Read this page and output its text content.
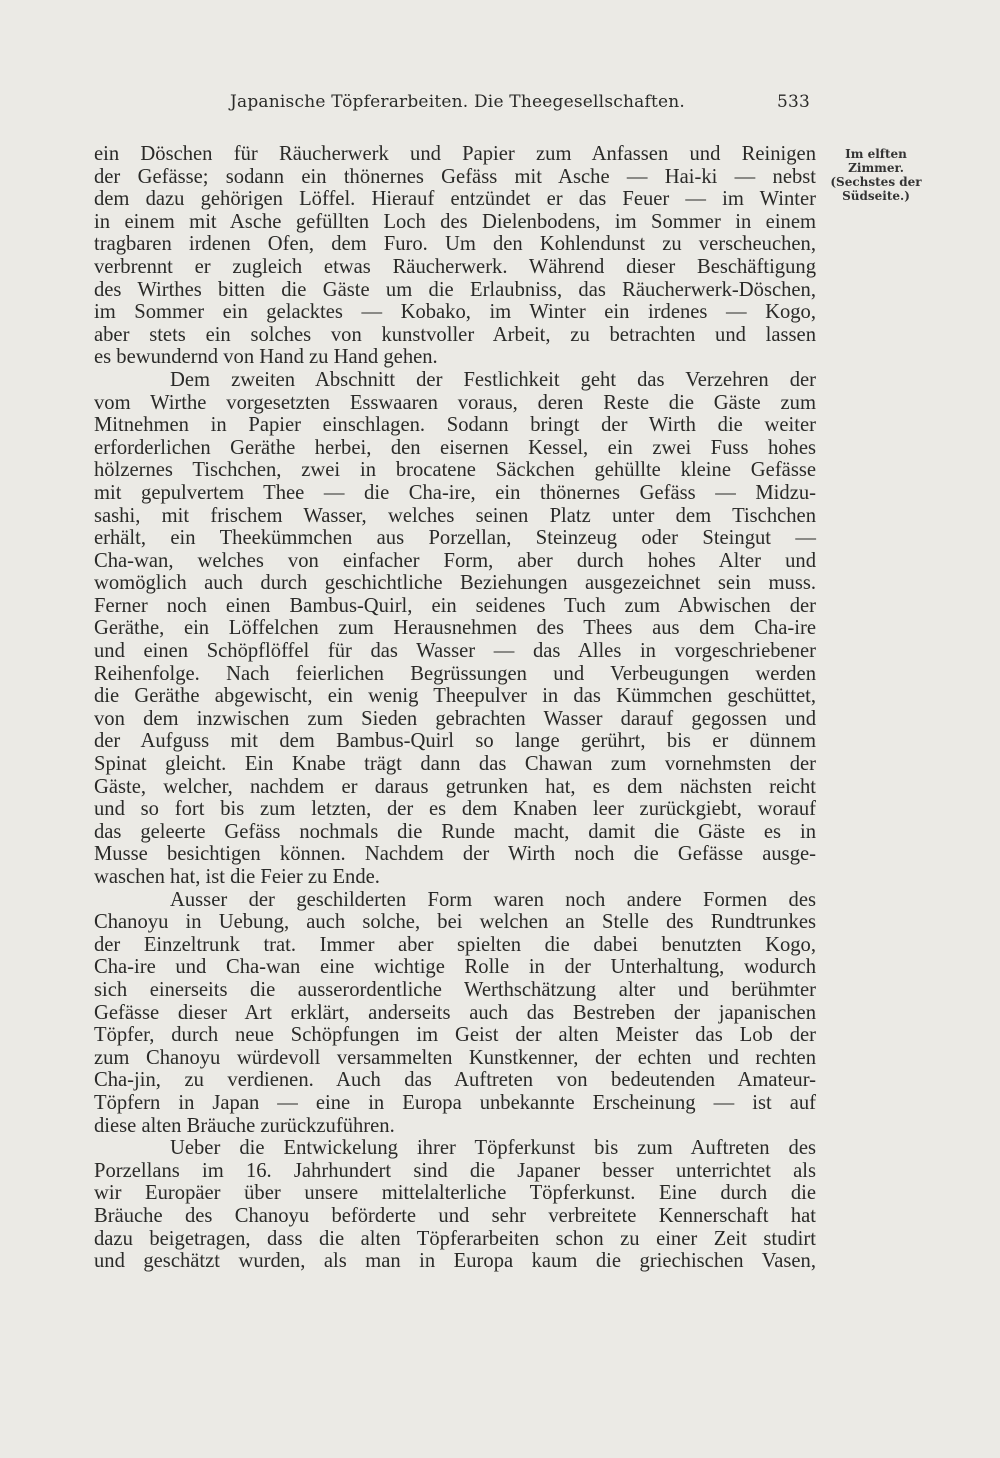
Japanische Töpferarbeiten. Die Theegesellschaften.	533
Im elften
Zimmer.
(Sechstes der
Südseite.)
ein Döschen für Räucherwerk und Papier zum Anfassen und Reinigen
der Gefässe; sodann ein thönernes Gefäss mit Asche — Hai-ki — nebst
dem dazu gehörigen Löffel. Hierauf entzündet er das Feuer — im Winter
in einem mit Asche gefüllten Loch des Dielenbodens, im Sommer in einem
tragbaren irdenen Ofen, dem Furo. Um den Kohlendunst zu verscheuchen,
verbrennt er zugleich etwas Räucherwerk. Während dieser Beschäftigung
des Wirthes bitten die Gäste um die Erlaubniss, das Räucherwerk-Döschen,
im Sommer ein gelacktes — Kobako, im Winter ein irdenes — Kogo,
aber stets ein solches von kunstvoller Arbeit, zu betrachten und lassen
es bewundernd von Hand zu Hand gehen.
Dem zweiten Abschnitt der Festlichkeit geht das Verzehren der
vom Wirthe vorgesetzten Esswaaren voraus, deren Reste die Gäste zum
Mitnehmen in Papier einschlagen. Sodann bringt der Wirth die weiter
erforderlichen Geräthe herbei, den eisernen Kessel, ein zwei Fuss hohes
hölzernes Tischchen, zwei in brocatene Säckchen gehüllte kleine Gefässe
mit gepulvertem Thee — die Cha-ire, ein thönernes Gefäss — Midzu-
sashi, mit frischem Wasser, welches seinen Platz unter dem Tischchen
erhält, ein Theekümmchen aus Porzellan, Steinzeug oder Steingut —
Cha-wan, welches von einfacher Form, aber durch hohes Alter und
womöglich auch durch geschichtliche Beziehungen ausgezeichnet sein muss.
Ferner noch einen Bambus-Quirl, ein seidenes Tuch zum Abwischen der
Geräthe, ein Löffelchen zum Herausnehmen des Thees aus dem Cha-ire
und einen Schöpflöffel für das Wasser — das Alles in vorgeschriebener
Reihenfolge. Nach feierlichen Begrüssungen und Verbeugungen werden
die Geräthe abgewischt, ein wenig Theepulver in das Kümmchen geschüttet,
von dem inzwischen zum Sieden gebrachten Wasser darauf gegossen und
der Aufguss mit dem Bambus-Quirl so lange gerührt, bis er dünnem
Spinat gleicht. Ein Knabe trägt dann das Chawan zum vornehmsten der
Gäste, welcher, nachdem er daraus getrunken hat, es dem nächsten reicht
und so fort bis zum letzten, der es dem Knaben leer zurückgiebt, worauf
das geleerte Gefäss nochmals die Runde macht, damit die Gäste es in
Musse besichtigen können. Nachdem der Wirth noch die Gefässe ausge-
waschen hat, ist die Feier zu Ende.
Ausser der geschilderten Form waren noch andere Formen des
Chanoyu in Uebung, auch solche, bei welchen an Stelle des Rundtrunkes
der Einzeltrunk trat. Immer aber spielten die dabei benutzten Kogo,
Cha-ire und Cha-wan eine wichtige Rolle in der Unterhaltung, wodurch
sich einerseits die ausserordentliche Werthschätzung alter und berühmter
Gefässe dieser Art erklärt, anderseits auch das Bestreben der japanischen
Töpfer, durch neue Schöpfungen im Geist der alten Meister das Lob der
zum Chanoyu würdevoll versammelten Kunstkenner, der echten und rechten
Cha-jin, zu verdienen. Auch das Auftreten von bedeutenden Amateur-
Töpfern in Japan — eine in Europa unbekannte Erscheinung — ist auf
diese alten Bräuche zurückzuführen.
Ueber die Entwickelung ihrer Töpferkunst bis zum Auftreten des
Porzellans im 16. Jahrhundert sind die Japaner besser unterrichtet als
wir Europäer über unsere mittelalterliche Töpferkunst. Eine durch die
Bräuche des Chanoyu beförderte und sehr verbreitete Kennerschaft hat
dazu beigetragen, dass die alten Töpferarbeiten schon zu einer Zeit studirt
und geschätzt wurden, als man in Europa kaum die griechischen Vasen,
